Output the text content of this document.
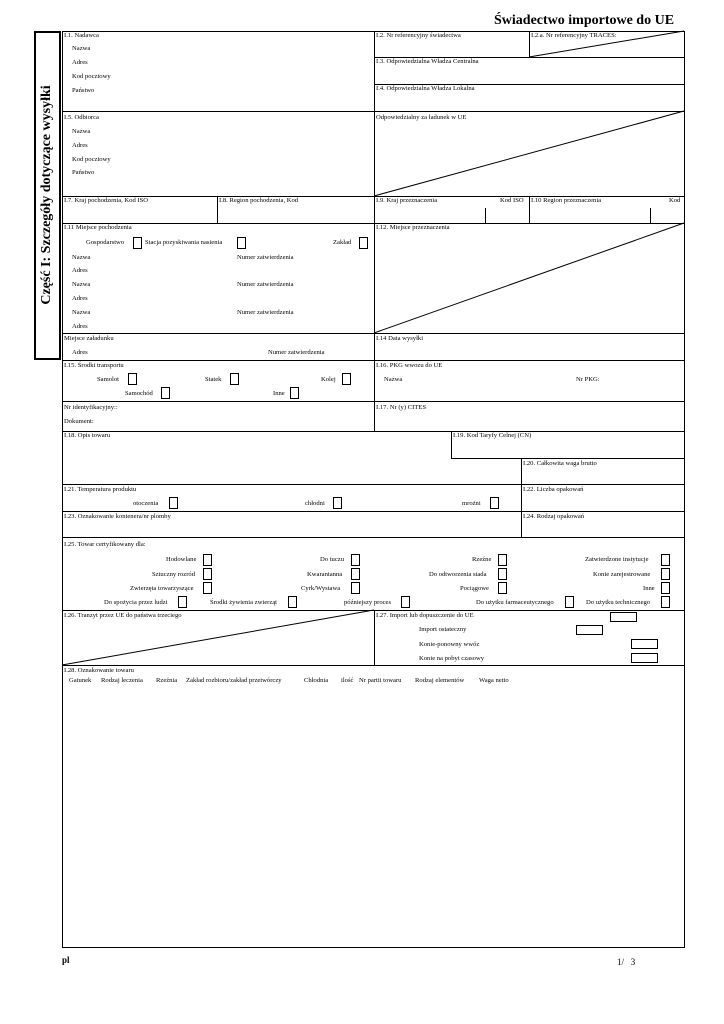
Świadectwo importowe do UE
Część I: Szczegóły dotyczące wysyłki
I.1. Nadawca
Nazwa
Adres
Kod pocztowy
Państwo
I.2. Nr referencyjny świadectwa	I.2.a. Nr referencyjny TRACES:
I.3. Odpowiedzialna Władza Centralna
I.4. Odpowiedzialna Władza Lokalna
I.5. Odbiorca
Nazwa
Adres
Kod pocztowy
Państwo
Odpowiedzialny za ładunek w UE
I.7. Kraj pochodzenia, Kod ISO	I.8. Region pochodzenia, Kod	I.9. Kraj przeznaczenia	Kod ISO I.10 Region przeznaczenia	Kod
I.11 Miejsce pochodzenia
Gospodarstwo	Stacja pozyskiwania nasienia	Zakład
Nazwa	Numer zatwierdzenia
Adres
Nazwa	Numer zatwierdzenia
Adres
Nazwa	Numer zatwierdzenia
Adres
I.12. Miejsce przeznaczenia
Miejsce załadunku
Adres	Numer zatwierdzenia
I.14 Data wysyłki
I.15. Środki transportu
Samolot	Statek	Kolej
Samochód	Inne
Nr identyfikacyjny::
Dokument:
I.16. PKG wwozu do UE
Nazwa	Nr PKG:
I.17. Nr (y) CITES
I.18. Opis towaru	I.19. Kod Taryfy Celnej (CN)
I.20. Całkowita waga brutto
I.21. Temperatura produktu
otoczenia	chłodni	mrożni
I.22. Liczba opakowań
I.23. Oznakowanie kontenera/nr plomby	I.24. Rodzaj opakowań
I.25. Towar certyfikowany dla:
Hodowlane	Do tuczu	Rzeźne	Zatwierdzone instytucje
Sztuczny rozród	Kwarantanna	Do odtworzenia stada	Konie zarejestrowane
Zwierzęta towarzyszące	Cyrk/Wystawa	Pociągowe	Inne
Do spożycia przez ludzi	Środki żywienia zwierząt	późniejszy proces	Do użytku farmaceutycznego	Do użytku technicznego
I.26. Tranzyt przez UE do państwa trzeciego	I.27. Import lub dopuszczenie do UE
Import ostateczny
Konie-ponowny wwóz
Konie na pobyt czasowy
I.28. Oznakowanie towaru
Gatunek Rodzaj leczenia Rzeźnia Zakład rozbioru/zakład przetwórczy	Chłodnia ilość Nr partii towaru Rodzaj elementów Waga netto
pl	1/   3
